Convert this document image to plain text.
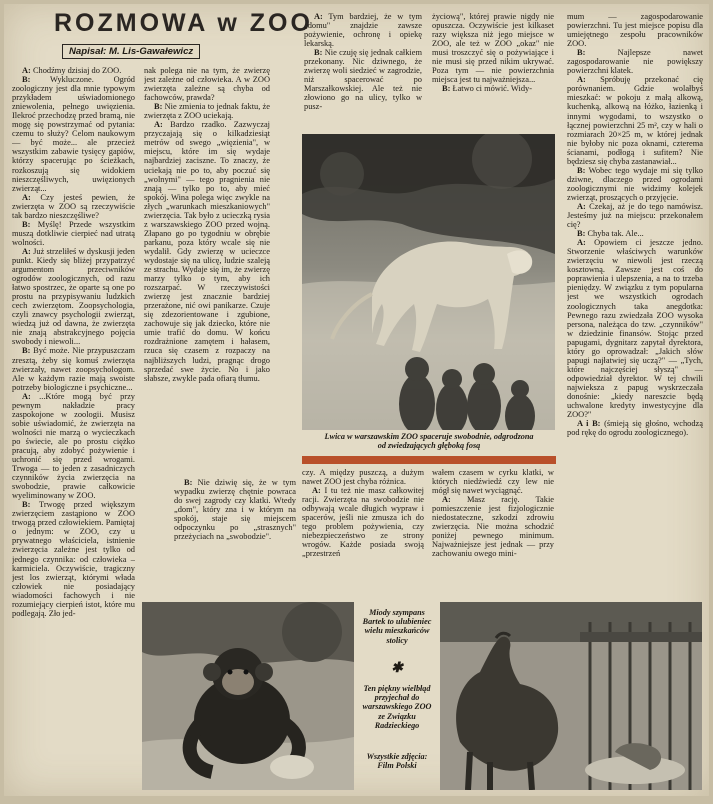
ROZMOWA w ZOO
Napisał: M. Lis-Gawałewicz

A: Chodźmy dzisiaj do ZOO.

B: Wykluczone. Ogród zoologiczny jest dla mnie typowym przykładem uświadomionego zniewolenia, pełnego uwięzienia. Ilekroć przechodzę przed bramą, nie mogę się powstrzymać od pytania: czemu to służy? Celom naukowym — być może... ale przecież wszystkim zabawie tysięcy gapiów, którzy spacerując po ścieżkach, rozkoszują się widokiem nieszczęśliwych, uwięzionych zwierząt...

A: Czy jesteś pewien, że zwierzęta w ZOO są rzeczywiście tak bardzo nieszczęśliwe?

B: Myślę! Przede wszystkim muszą dotkliwie cierpieć nad utratą wolności.

A: Już strzeliłeś w dyskusji jeden punkt. Kiedy się bliżej przypatrzyć argumentom przeciwników ogrodów zoologicznych, od razu łatwo spostrzec, że oparte są one po prostu na przypisywaniu ludzkich cech zwierzętom. Zoopsychologia, czyli znawcy psychologii zwierząt, wiedzą już od dawna, że zwierzęta nie znają abstrakcyjnego pojęcia swobody i niewoli...

B: Być może. Nie przypuszczam zresztą, żeby się komuś zwierzęta zwierzały, nawet zoopsychologom. Ale w każdym razie mają swoiste potrzeby biologiczne i psychiczne...

A: ...Które mogą być przy pewnym nakładzie pracy zaspokojone w zoologii. Musisz sobie uświadomić, że zwierzęta na wolności nie marzą o wycieczkach po świecie, ale po prostu ciężko pracują, aby zdobyć pożywienie i uchronić się przed wrogami. Trwoga — to jeden z zasadniczych czynników życia zwierzęcia na swobodzie, prawie całkowicie wyeliminowany w ZOO.

B: Trwogę przed większym zwierzęciem zastąpiono w ZOO trwogą przed człowiekiem. Pamiętaj o jednym: w ZOO, czy u prywatnego właściciela, istnienie zwierzęcia zależne jest tylko od jednego czynnika: od człowieka – karmiciela. Oczywiście, tragiczny jest los zwierząt, którymi włada człowiek nie posiadający wiadomości fachowych i nie rozumiejący cierpień istot, które mu podlegają. Zło jed-

nak polega nie na tym, że zwierzę jest zależne od człowieka. A w ZOO zwierzęta zależne są chyba od fachowców, prawda?

B: Nie zmienia to jednak faktu, że zwierzęta z ZOO uciekają.

A: Bardzo rzadko. Zazwyczaj przyczajają się o kilkadziesiąt metrów od swego „więzienia", w miejscu, które im się wydaje najbardziej zaciszne. To znaczy, że uciekają nie po to, aby poczuć się „wolnymi" — tego pragnienia nie znają — tylko po to, aby mieć spokój. Wina polega więc zwykle na złych „warunkach mieszkaniowych" zwierzęcia. Tak było z ucieczką rysia z warszawskiego ZOO przed wojną. Złapano go po tygodniu w obrębie parkanu, poza który wcale się nie wydalił. Gdy zwierzę w ucieczce wydostaje się na ulicę, ludzie szaleją ze strachu. Wydaje się im, że zwierzę marzy tylko o tym, aby ich rozszarpać. W rzeczywistości zwierzę jest znacznie bardziej przerażone, nić owi panikarze. Czuje się zdezorientowane i zgubione, zachowuje się jak dziecko, które nie umie trafić do domu. W końcu rozdrażnione zamętem i hałasem, rzuca się czasem z rozpaczy na najbliższych ludzi, pragnąc drogo sprzedać swe życie. No i jako słabsze, zwykle pada ofiarą tłumu.

A: Tym bardziej, że w tym „domu" znajdzie zawsze pożywienie, ochronę i opiekę lekarską.

B: Nie czuję się jednak całkiem przekonany. Nic dziwnego, że zwierzę woli siedzieć w zagrodzie, niż spacerować po Marszałkowskiej. Ale też nie złowiono go na ulicy, tylko w pusz-

życiową", której prawie nigdy nie opuszcza. Oczywiście jest kilkaset razy większa niż jego miejsce w ZOO, ale też w ZOO „okaz" nie musi troszczyć się o pożywiające i nie musi się przed nikim ukrywać. Poza tym — nie powierzchnia miejsca jest tu najważniejsza...

B: Łatwo ci mówić. Widy-

Lwica w warszawskim ZOO spaceruje swobodnie, odgrodzona od zwiedzających głęboką fosą

czy. A między puszczą, a dużym nawet ZOO jest chyba różnica.

A: I tu też nie masz całkowitej racji. Zwierzęta na swobodzie nie odbywają wcale długich wypraw i spacerów, jeśli nie zmusza ich do tego problem pożywienia, czy niebezpieczeństwo ze strony wrogów. Każde posiada swoją „przestrzeń

wałem czasem w cyrku klatki, w których niedźwiedź czy lew nie mógł się nawet wyciągnąć.

A: Masz rację. Takie pomieszczenie jest fizjologicznie niedostateczne, szkodzi zdrowiu zwierzęcia. Nie można schodzić poniżej pewnego minimum. Najważniejsze jest jednak — przy zachowaniu owego mini-

B: Nie dziwię się, że w tym wypadku zwierzę chętnie powraca do swej zagrody czy klatki. Wtedy „dom", który zna i w którym na spokój, staje się miejscem odpoczynku po „strasznych" przeżyciach na „swobodzie".

mum — zagospodarowanie powierzchni. Tu jest miejsce popisu dla umiejętnego zespołu pracowników ZOO.

B: Najlepsze nawet zagospodarowanie nie powiększy powierzchni klatek.

A: Spróbuję przekonać cię porównaniem. Gdzie wolałbyś mieszkać: w pokoju z małą alkową, kuchenką, alkową na łóżko, łazienką i innymi wygodami, to wszystko o łącznej powierzchni 25 m², czy w hali o rozmiarach 20×25 m, w której jednak nie byłoby nic poza oknami, czterema ścianami, podłogą i sufitem? Nie będziesz się chyba zastanawiał...

B: Wobec tego wydaje mi się tylko dziwne, dlaczego przed ogrodami zoologicznymi nie widzimy kolejek zwierząt, proszących o przyjęcie.

A: Czekaj, aż je do tego namówisz. Jesteśmy już na miejscu: przekonałem cię?

B: Chyba tak. Ale...

A: Opowiem ci jeszcze jedno. Stworzenie właściwych warunków zwierzęciu w niewoli jest rzeczą kosztowną. Zawsze jest coś do poprawienia i ulepszenia, a na to trzeba pieniędzy. W związku z tym popularna jest we wszystkich ogrodach zoologicznych taka anegdotka: Pewnego razu zwiedzała ZOO wysoka persona, należąca do tzw. „czynników" w dziedzinie finansów. Stojąc przed papugami, dygnitarz zapytał dyrektora, który go oprowadzał: „Jakich słów papugi najłatwiej się uczą?" — „Tych, które najczęściej słyszą" — odpowiedział dyrektor. W tej chwili najwieksza z papug wyskrzeczała donośnie: „kiedy nareszcie będą uchwalone kredyty inwestycyjne dla ZOO?"

A i B: (śmieją się głośno, wchodzą pod rękę do ogrodu zoologicznego).

Miody szympans Bartek to ulubieniec wielu mieszkańców stolicy
✱
Ten piękny wielbłąd przyjechał do warszawskiego ZOO ze Związku Radzieckiego
Wszystkie zdjęcia: Film Polski
